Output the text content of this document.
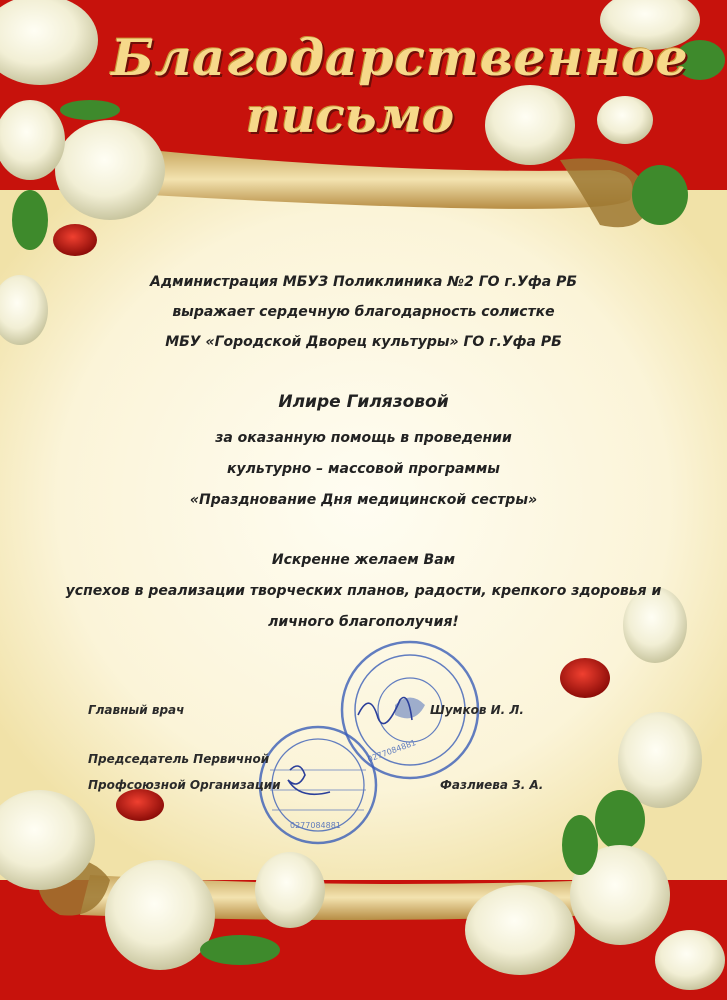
0277084881
0277084881
Благодарственное
письмо
Администрация МБУЗ Поликлиника №2 ГО г.Уфа РБ
выражает сердечную благодарность солистке
МБУ «Городской Дворец культуры» ГО г.Уфа РБ
Илире Гилязовой
за оказанную помощь в проведении
культурно – массовой программы
«Празднование Дня медицинской сестры»
Искренне желаем Вам
успехов в реализации творческих планов, радости, крепкого здоровья и
личного благополучия!
Главный врач	Шумков И. Л.
Председатель Первичной
Профсоюзной Организации	Фазлиева З. А.
